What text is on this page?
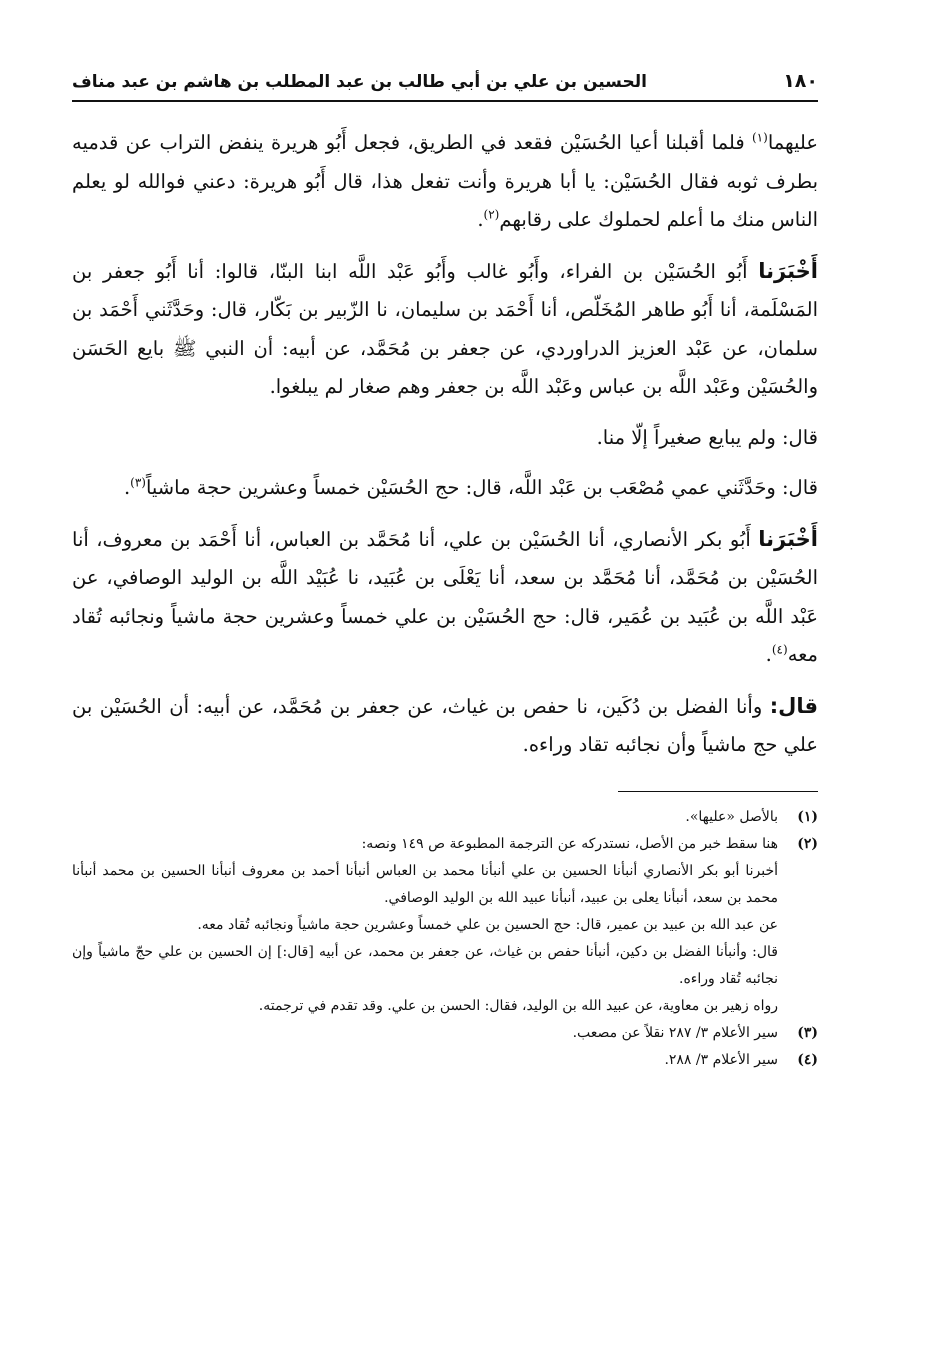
١٨٠
الحسين بن علي بن أبي طالب بن عبد المطلب بن هاشم بن عبد مناف

عليهما$^{(١)}$ فلما أقبلنا أعيا الحُسَيْن فقعد في الطريق، فجعل أَبُو هريرة ينفض التراب عن قدميه بطرف ثوبه فقال الحُسَيْن: يا أبا هريرة وأنت تفعل هذا، قال أَبُو هريرة: دعني فوالله لو يعلم الناس منك ما أعلم لحملوك على رقابهم$^{(٢)}$.

أَخْبَرَنا أَبُو الحُسَيْن بن الفراء، وأَبُو غالب وأَبُو عَبْد اللَّه ابنا البنّا، قالوا: أنا أَبُو جعفر بن المَسْلَمة، أنا أَبُو طاهر المُخَلّص، أنا أَحْمَد بن سليمان، نا الزّبير بن بَكّار، قال: وحَدَّثَني أَحْمَد بن سلمان، عن عَبْد العزيز الدراوردي، عن جعفر بن مُحَمَّد، عن أبيه: أن النبي ﷺ بايع الحَسَن والحُسَيْن وعَبْد اللَّه بن عباس وعَبْد اللَّه بن جعفر وهم صغار لم يبلغوا.

قال: ولم يبايع صغيراً إلّا منا.

قال: وحَدَّثَني عمي مُصْعَب بن عَبْد اللَّه، قال: حج الحُسَيْن خمساً وعشرين حجة ماشياً$^{(٣)}$.

أَخْبَرَنا أَبُو بكر الأنصاري، أنا الحُسَيْن بن علي، أنا مُحَمَّد بن العباس، أنا أَحْمَد بن معروف، أنا الحُسَيْن بن مُحَمَّد، أنا مُحَمَّد بن سعد، أنا يَعْلَى بن عُبَيد، نا عُبَيْد اللَّه بن الوليد الوصافي، عن عَبْد اللَّه بن عُبَيد بن عُمَير، قال: حج الحُسَيْن بن علي خمساً وعشرين حجة ماشياً ونجائبه تُقاد معه$^{(٤)}$.

قال: وأنا الفضل بن دُكَين، نا حفص بن غياث، عن جعفر بن مُحَمَّد، عن أبيه: أن الحُسَيْن بن علي حج ماشياً وأن نجائبه تقاد وراءه.

(١)
بالأصل «عليها».
(٢)
هنا سقط خبر من الأصل، نستدركه عن الترجمة المطبوعة ص ١٤٩ ونصه:

أخبرنا أبو بكر الأنصاري أنبأنا الحسين بن علي أنبأنا محمد بن العباس أنبأنا أحمد بن معروف أنبأنا الحسين بن محمد أنبأنا محمد بن سعد، أنبأنا يعلى بن عبيد، أنبأنا عبيد الله بن الوليد الوصافي.

عن عبد الله بن عبيد بن عمير، قال: حج الحسين بن علي خمساً وعشرين حجة ماشياً ونجائبه تُقاد معه.

قال: وأنبأنا الفضل بن دكين، أنبأنا حفص بن غياث، عن جعفر بن محمد، عن أبيه [قال:] إن الحسين بن علي حجّ ماشياً وإن نجائبه تُقاد وراءه.

رواه زهير بن معاوية، عن عبيد الله بن الوليد، فقال: الحسن بن علي. وقد تقدم في ترجمته.

(٣)
سير الأعلام ٣/ ٢٨٧ نقلاً عن مصعب.
(٤)
سير الأعلام ٣/ ٢٨٨.
